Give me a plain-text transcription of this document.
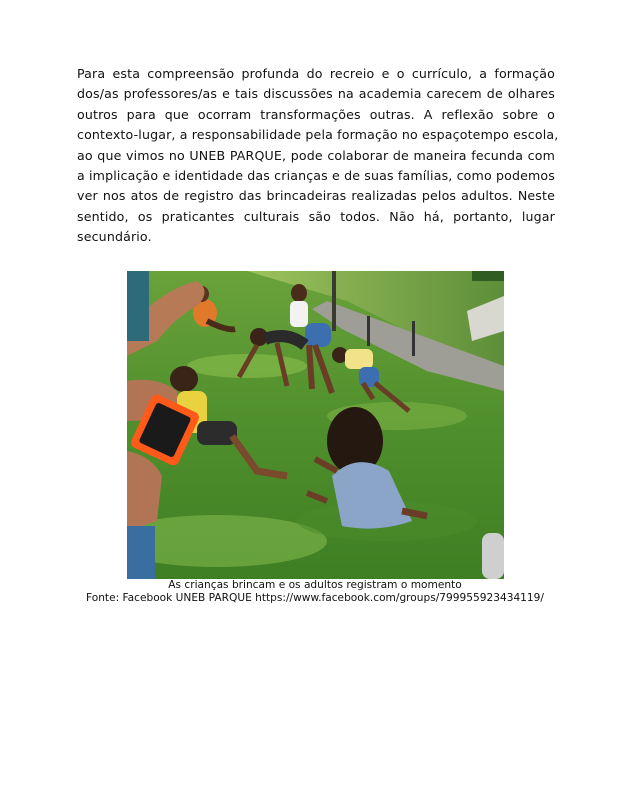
Para esta compreensão profunda do recreio e o currículo, a formação
dos/as professores/as e tais discussões na academia carecem de olhares
outros para que ocorram transformações outras. A reflexão sobre o
contexto-lugar, a responsabilidade pela formação no espaçotempo escola,
ao que vimos no UNEB PARQUE, pode colaborar de maneira fecunda com
a implicação e identidade das crianças e de suas famílias, como podemos
ver nos atos de registro das brincadeiras realizadas pelos adultos. Neste
sentido, os praticantes culturais são todos. Não há, portanto, lugar
secundário.
As crianças brincam e os adultos registram o momento
Fonte: Facebook UNEB PARQUE https://www.facebook.com/groups/799955923434119/
